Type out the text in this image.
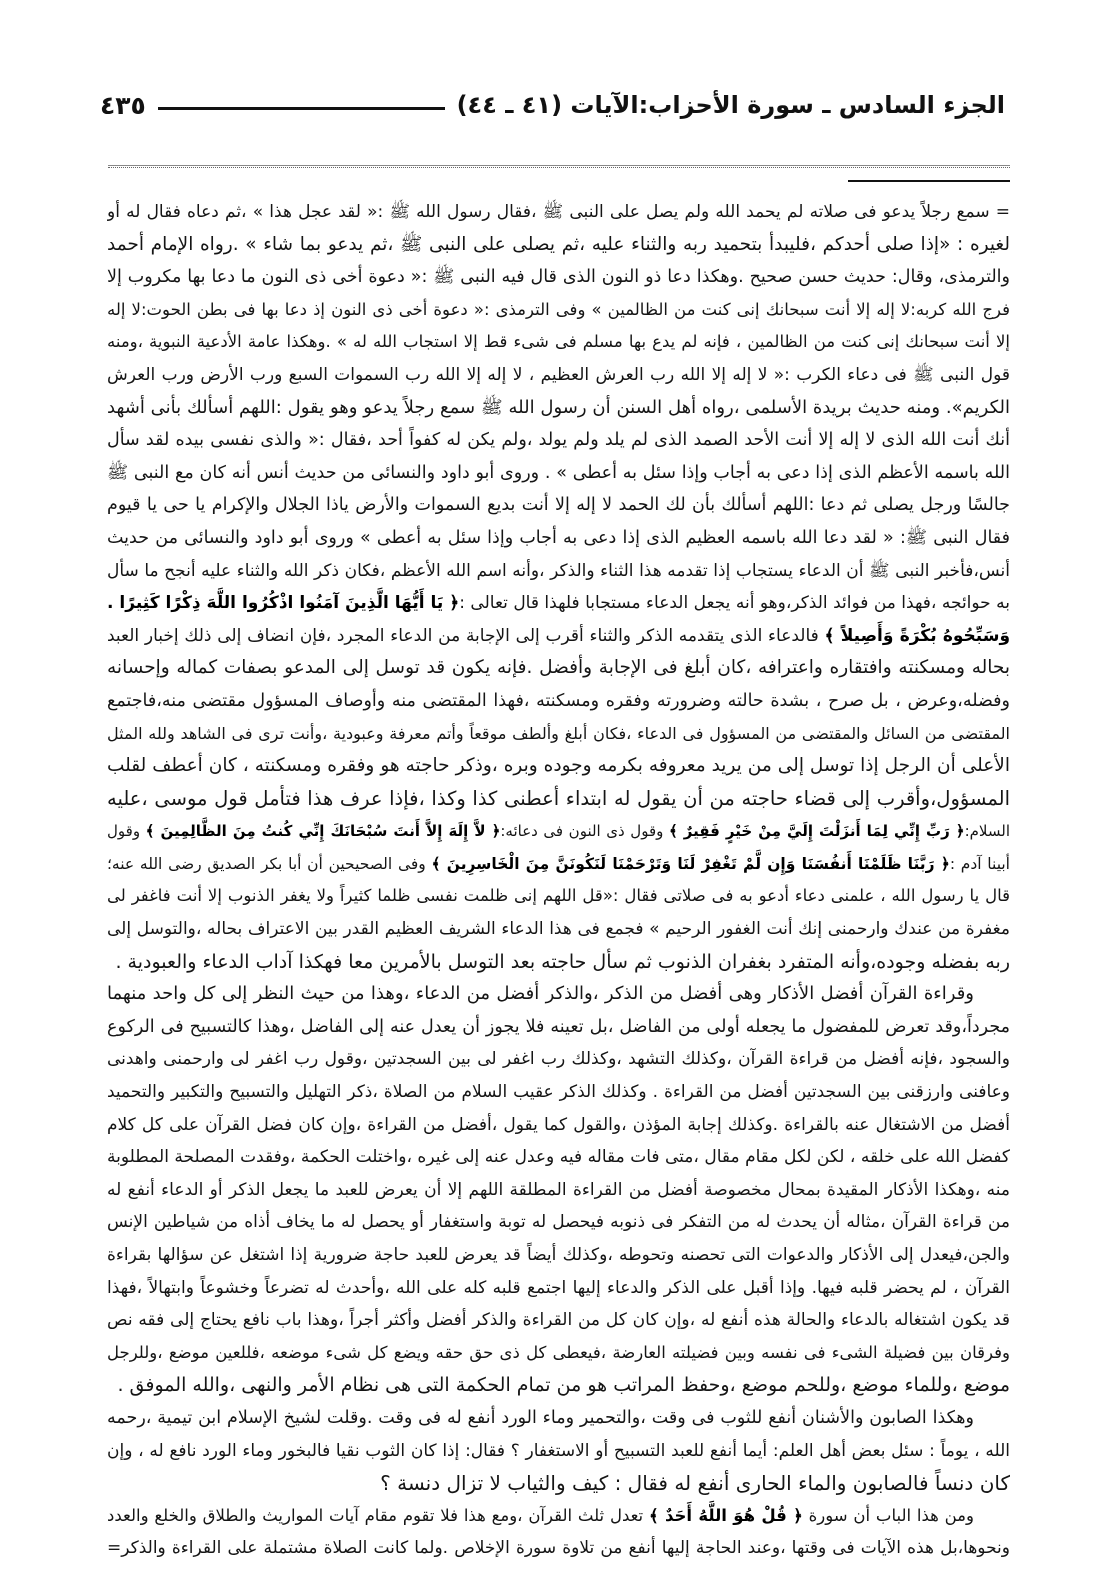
الجزء السادس ـ سورة الأحزاب:الآيات (٤١ ـ ٤٤)
٤٣٥
= سمع رجلاً يدعو فى صلاته لم يحمد الله ولم يصل على النبى ﷺ ،فقال رسول الله ﷺ :« لقد عجل هذا » ،ثم دعاه فقال له أو
لغيره : «إذا صلى أحدكم ،فليبدأ بتحميد ربه والثناء عليه ،ثم يصلى على النبى ﷺ ،ثم يدعو بما شاء » .رواه الإمام أحمد
والترمذى، وقال: حديث حسن صحيح .وهكذا دعا ذو النون الذى قال فيه النبى ﷺ :« دعوة أخى ذى النون ما دعا بها مكروب إلا
فرج الله كربه:لا إله إلا أنت سبحانك إنى كنت من الظالمين » وفى الترمذى :« دعوة أخى ذى النون إذ دعا بها فى بطن الحوت:لا إله
إلا أنت سبحانك إنى كنت من الظالمين ، فإنه لم يدع بها مسلم فى شىء قط إلا استجاب الله له » .وهكذا عامة الأدعية النبوية ،ومنه
قول النبى ﷺ فى دعاء الكرب :« لا إله إلا الله رب العرش العظيم ، لا إله إلا الله رب السموات السبع ورب الأرض ورب العرش
الكريم». ومنه حديث بريدة الأسلمى ،رواه أهل السنن أن رسول الله ﷺ سمع رجلاً يدعو وهو يقول :اللهم أسألك بأنى أشهد
أنك أنت الله الذى لا إله إلا أنت الأحد الصمد الذى لم يلد ولم يولد ،ولم يكن له كفواً أحد ،فقال :« والذى نفسى بيده لقد سأل
الله باسمه الأعظم الذى إذا دعى به أجاب وإذا سئل به أعطى » . وروى أبو داود والنسائى من حديث أنس أنه كان مع النبى ﷺ
جالسًا ورجل يصلى ثم دعا :اللهم أسألك بأن لك الحمد لا إله إلا أنت بديع السموات والأرض ياذا الجلال والإكرام يا حى يا قيوم
فقال النبى ﷺ: « لقد دعا الله باسمه العظيم الذى إذا دعى به أجاب وإذا سئل به أعطى » وروى أبو داود والنسائى من حديث
أنس،فأخبر النبى ﷺ أن الدعاء يستجاب إذا تقدمه هذا الثناء والذكر ،وأنه اسم الله الأعظم ،فكان ذكر الله والثناء عليه أنجح ما سأل
به حوائجه ،فهذا من فوائد الذكر،وهو أنه يجعل الدعاء مستجابا فلهذا قال تعالى :﴿ يَا أَيُّهَا الَّذِينَ آمَنُوا اذْكُرُوا اللَّهَ ذِكْرًا كَثِيرًا .
وَسَبِّحُوهُ بُكْرَةً وَأَصِيلاً ﴾ فالدعاء الذى يتقدمه الذكر والثناء أقرب إلى الإجابة من الدعاء المجرد ،فإن انضاف إلى ذلك إخبار العبد
بحاله ومسكنته وافتقاره واعترافه ،كان أبلغ فى الإجابة وأفضل .فإنه يكون قد توسل إلى المدعو بصفات كماله وإحسانه
وفضله،وعرض ، بل صرح ، بشدة حالته وضرورته وفقره ومسكنته ،فهذا المقتضى منه وأوصاف المسؤول مقتضى منه،فاجتمع
المقتضى من السائل والمقتضى من المسؤول فى الدعاء ،فكان أبلغ وألطف موقعاً وأتم معرفة وعبودية ،وأنت ترى فى الشاهد ولله المثل
الأعلى أن الرجل إذا توسل إلى من يريد معروفه بكرمه وجوده وبره ،وذكر حاجته هو وفقره ومسكنته ، كان أعطف لقلب
المسؤول،وأقرب إلى قضاء حاجته من أن يقول له ابتداء أعطنى كذا وكذا ،فإذا عرف هذا فتأمل قول موسى ،عليه
السلام:﴿ رَبِّ إِنِّي لِمَا أَنزَلْتَ إِلَيَّ مِنْ خَيْرٍ فَقِيرٌ ﴾ وقول ذى النون فى دعائه:﴿ لاَّ إِلَهَ إِلاَّ أَنتَ سُبْحَانَكَ إِنِّي كُنتُ مِنَ الظَّالِمِينَ ﴾ وقول
أبينا آدم :﴿ رَبَّنَا ظَلَمْنَا أَنفُسَنَا وَإِن لَّمْ تَغْفِرْ لَنَا وَتَرْحَمْنَا لَنَكُونَنَّ مِنَ الْخَاسِرِينَ ﴾ وفى الصحيحين أن أبا بكر الصديق رضى الله عنه؛
قال يا رسول الله ، علمنى دعاء أدعو به فى صلاتى فقال :«قل اللهم إنى ظلمت نفسى ظلما كثيراً ولا يغفر الذنوب إلا أنت فاغفر لى
مغفرة من عندك وارحمنى إنك أنت الغفور الرحيم » فجمع فى هذا الدعاء الشريف العظيم القدر بين الاعتراف بحاله ،والتوسل إلى
ربه بفضله وجوده،وأنه المتفرد بغفران الذنوب ثم سأل حاجته بعد التوسل بالأمرين معا فهكذا آداب الدعاء والعبودية .
وقراءة القرآن أفضل الأذكار وهى أفضل من الذكر ،والذكر أفضل من الدعاء ،وهذا من حيث النظر إلى كل واحد منهما
مجرداً،وقد تعرض للمفضول ما يجعله أولى من الفاضل ،بل تعينه فلا يجوز أن يعدل عنه إلى الفاضل ،وهذا كالتسبيح فى الركوع
والسجود ،فإنه أفضل من قراءة القرآن ،وكذلك التشهد ،وكذلك رب اغفر لى بين السجدتين ،وقول رب اغفر لى وارحمنى واهدنى
وعافنى وارزقنى بين السجدتين أفضل من القراءة . وكذلك الذكر عقيب السلام من الصلاة ،ذكر التهليل والتسبيح والتكبير والتحميد
أفضل من الاشتغال عنه بالقراءة .وكذلك إجابة المؤذن ،والقول كما يقول ،أفضل من القراءة ،وإن كان فضل القرآن على كل كلام
كفضل الله على خلقه ، لكن لكل مقام مقال ،متى فات مقاله فيه وعدل عنه إلى غيره ،واختلت الحكمة ،وفقدت المصلحة المطلوبة
منه ،وهكذا الأذكار المقيدة بمحال مخصوصة أفضل من القراءة المطلقة اللهم إلا أن يعرض للعبد ما يجعل الذكر أو الدعاء أنفع له
من قراءة القرآن ،مثاله أن يحدث له من التفكر فى ذنوبه فيحصل له توبة واستغفار أو يحصل له ما يخاف أذاه من شياطين الإنس
والجن،فيعدل إلى الأذكار والدعوات التى تحصنه وتحوطه ،وكذلك أيضاً قد يعرض للعبد حاجة ضرورية إذا اشتغل عن سؤالها بقراءة
القرآن ، لم يحضر قلبه فيها. وإذا أقبل على الذكر والدعاء إليها اجتمع قلبه كله على الله ،وأحدث له تضرعاً وخشوعاً وابتهالاً ،فهذا
قد يكون اشتغاله بالدعاء والحالة هذه أنفع له ،وإن كان كل من القراءة والذكر أفضل وأكثر أجراً ،وهذا باب نافع يحتاج إلى فقه نص
وفرقان بين فضيلة الشىء فى نفسه وبين فضيلته العارضة ،فيعطى كل ذى حق حقه ويضع كل شىء موضعه ،فللعين موضع ،وللرجل
موضع ،وللماء موضع ،وللحم موضع ،وحفظ المراتب هو من تمام الحكمة التى هى نظام الأمر والنهى ،والله الموفق .
وهكذا الصابون والأشنان أنفع للثوب فى وقت ،والتحمير وماء الورد أنفع له فى وقت .وقلت لشيخ الإسلام ابن تيمية ،رحمه
الله ، يوماً : سئل بعض أهل العلم: أيما أنفع للعبد التسبيح أو الاستغفار ؟ فقال: إذا كان الثوب نقيا فالبخور وماء الورد نافع له ، وإن
كان دنساً فالصابون والماء الحارى أنفع له فقال : كيف والثياب لا تزال دنسة ؟
ومن هذا الباب أن سورة ﴿ قُلْ هُوَ اللَّهُ أَحَدٌ ﴾ تعدل ثلث القرآن ،ومع هذا فلا تقوم مقام آيات المواريث والطلاق والخلع والعدد
ونحوها،بل هذه الآيات فى وقتها ،وعند الحاجة إليها أنفع من تلاوة سورة الإخلاص .ولما كانت الصلاة مشتملة على القراءة والذكر=
